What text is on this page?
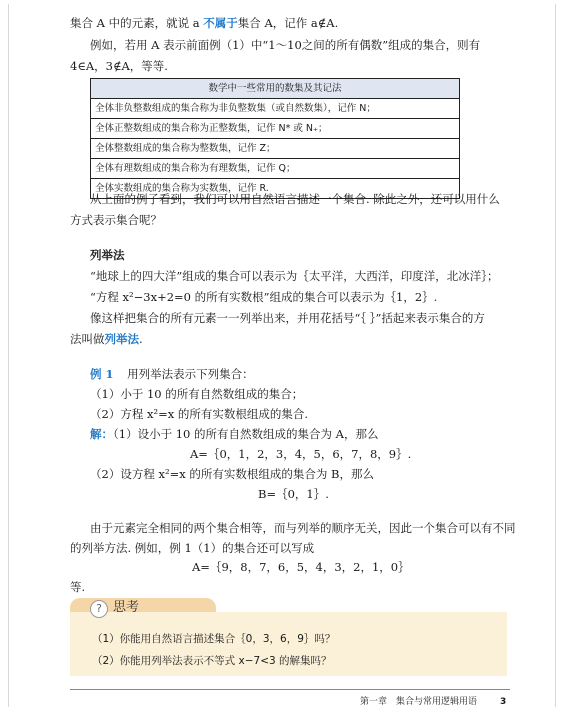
集合 A 中的元素，就说 a 不属于集合 A，记作 a∉A.
例如，若用 A 表示前面例（1）中“1～10之间的所有偶数”组成的集合，则有
4∈A，3∉A，等等.
数学中一些常用的数集及其记法
全体非负整数组成的集合称为非负整数集（或自然数集），记作 N；
全体正整数组成的集合称为正整数集，记作 N* 或 N₊；
全体整数组成的集合称为整数集，记作 Z；
全体有理数组成的集合称为有理数集，记作 Q；
全体实数组成的集合称为实数集，记作 R.
从上面的例子看到，我们可以用自然语言描述一个集合. 除此之外，还可以用什么
方式表示集合呢？
列举法
“地球上的四大洋”组成的集合可以表示为｛太平洋，大西洋，印度洋，北冰洋｝；
“方程 x²−3x+2=0 的所有实数根”组成的集合可以表示为｛1，2｝.
像这样把集合的所有元素一一列举出来，并用花括号“｛ ｝”括起来表示集合的方
法叫做列举法.
例 1 用列举法表示下列集合：
（1）小于 10 的所有自然数组成的集合；
（2）方程 x²=x 的所有实数根组成的集合.
解：（1）设小于 10 的所有自然数组成的集合为 A，那么
A=｛0，1，2，3，4，5，6，7，8，9｝.
（2）设方程 x²=x 的所有实数根组成的集合为 B，那么
B=｛0，1｝.
由于元素完全相同的两个集合相等，而与列举的顺序无关，因此一个集合可以有不同
的列举方法. 例如，例 1（1）的集合还可以写成
A=｛9，8，7，6，5，4，3，2，1，0｝
等.
? 思考
（1）你能用自然语言描述集合｛0，3，6，9｝吗？
（2）你能用列举法表示不等式 x−7<3 的解集吗？
第一章　集合与常用逻辑用语	3
